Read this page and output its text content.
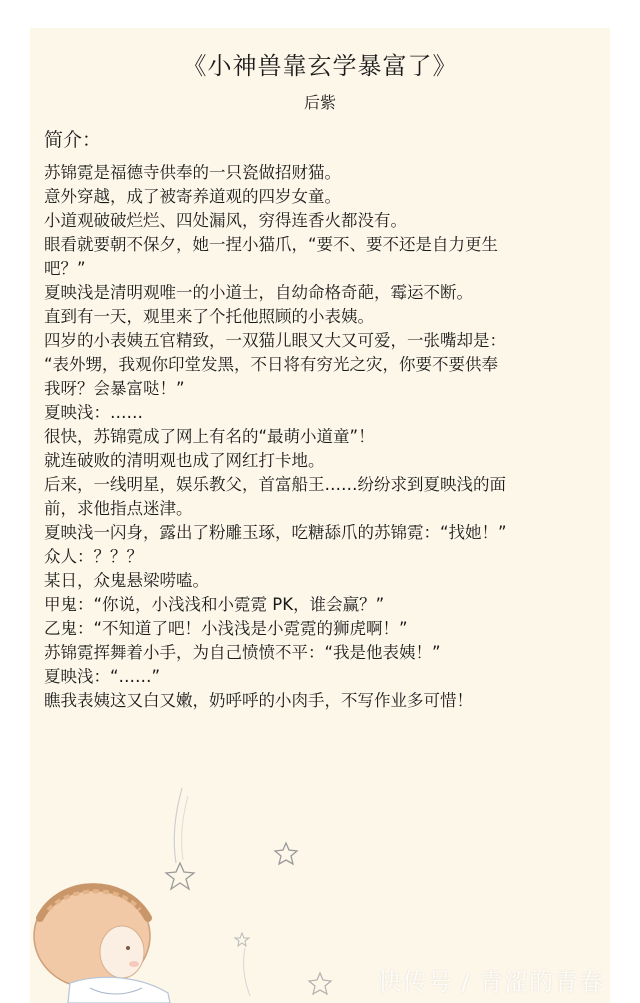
《小神兽靠玄学暴富了》
后紫
简介：

苏锦霓是福德寺供奉的一只瓷做招财猫。

意外穿越，成了被寄养道观的四岁女童。

小道观破破烂烂、四处漏风，穷得连香火都没有。

眼看就要朝不保夕，她一捏小猫爪，“要不、要不还是自力更生

吧？”

夏映浅是清明观唯一的小道士，自幼命格奇葩，霉运不断。

直到有一天，观里来了个托他照顾的小表姨。

四岁的小表姨五官精致，一双猫儿眼又大又可爱，一张嘴却是：

“表外甥，我观你印堂发黑，不日将有穷光之灾，你要不要供奉

我呀？会暴富哒！”

夏映浅：……

很快，苏锦霓成了网上有名的“最萌小道童”！

就连破败的清明观也成了网红打卡地。

后来，一线明星，娱乐教父，首富船王……纷纷求到夏映浅的面

前，求他指点迷津。

夏映浅一闪身，露出了粉雕玉琢，吃糖舔爪的苏锦霓：“找她！”

众人：？？？

某日，众鬼悬梁唠嗑。

甲鬼：“你说，小浅浅和小霓霓 PK，谁会赢？”

乙鬼：“不知道了吧！小浅浅是小霓霓的狮虎啊！”

苏锦霓挥舞着小手，为自己愤愤不平：“我是他表姨！”

夏映浅：“……”

瞧我表姨这又白又嫩，奶呼呼的小肉手，不写作业多可惜！

快传号 / 青涩的青春
